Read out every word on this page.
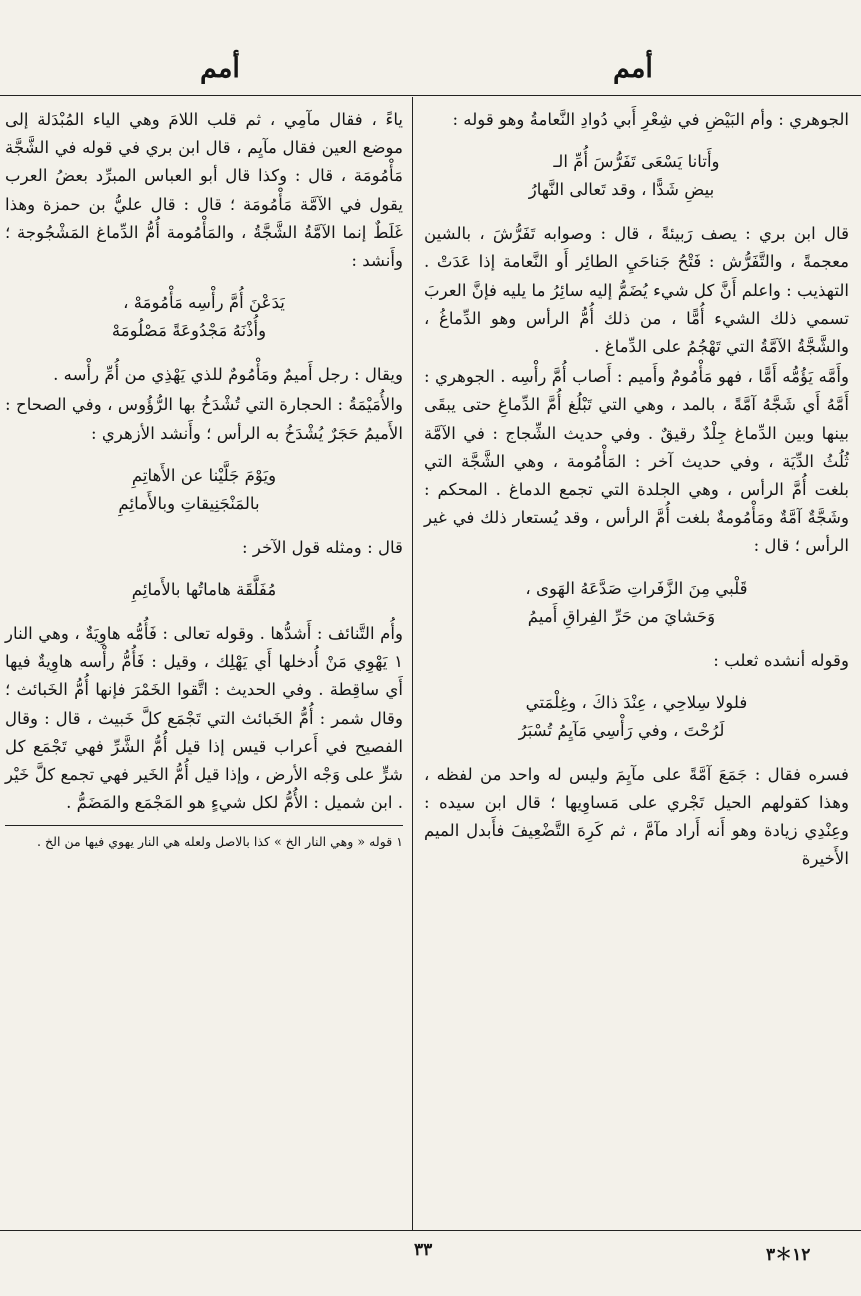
أمم
أمم

الجوهري : وأم البَيْضِ في شِعْرِ أَبي دُوادِ النَّعامةُ وهو قوله :

وأَتانا يَسْعَى تَفَرُّسَ أُمِّ الـ
بيضِ شَدًّا ، وقد تَعالى النَّهارُ

قال ابن بري : يصف رَبيئةً ، قال : وصوابه تَفَرُّشَ ، بالشين معجمةً ، والتَّفَرُّش : فَتْحُ جَناحَيِ الطائِر أَو النَّعامة إذا عَدَتْ . التهذيب : واعلم أَنَّ كل شيء يُضَمُّ إليه سائِرُ ما يليه فإنَّ العربَ تسمي ذلك الشيء أُمًّا ، من ذلك أُمُّ الرأس وهو الدِّماغُ ، والشَّجَّةُ الآمَّةُ التي تَهْجُمُ على الدِّماغ .

وأَمَّه يَؤُمُّه أَمًّا ، فهو مَأْمُومٌ وأَميم : أَصاب أُمَّ رأْسِه . الجوهري : أَمَّهُ أَي شَجَّهُ آمَّةً ، بالمد ، وهي التي تَبْلُغ أُمَّ الدِّماغِ حتى يبقَى بينها وبين الدِّماغ جِلْدٌ رقيقٌ . وفي حديث الشِّجاج : في الآمَّة ثُلُثُ الدِّيَة ، وفي حديث آخر : المَأْمُومة ، وهي الشَّجَّة التي بلغت أُمَّ الرأس ، وهي الجلدة التي تجمع الدماغ . المحكم : وشَجَّةٌ آمَّةٌ ومَأْمُومةٌ بلغت أُمَّ الرأس ، وقد يُستعار ذلك في غير الرأس ؛ قال :

قَلْبي مِنَ الزَّفَراتِ صَدَّعَهُ الهَوى ،
وَحَشايَ من حَرِّ الفِراقِ أَميمُ

وقوله أنشده ثعلب :

فلولا سِلاحِي ، عِنْدَ ذاكَ ، وغِلْمَتي
لَرُحْتَ ، وفي رَأْسِي مَآيِمُ تُسْبَرُ

فسره فقال : جَمَعَ آمَّةً على مآيِمَ وليس له واحد من لفظه ، وهذا كقولهم الحيل تَجْري على مَساوِيها ؛ قال ابن سيده : وعِنْدِي زيادة وهو أَنه أَراد مآمَّ ، ثم كَرِهَ التَّضْعِيفَ فأَبدل الميم الأَخيرة

ياءً ، فقال مآمِي ، ثم قلب اللامَ وهي الياء المُبْدَلة إلى موضع العين فقال مآيِم ، قال ابن بري في قوله في الشَّجَّة مَأْمُومَة ، قال : وكذا قال أبو العباس المبرِّد بعضُ العرب يقول في الآمَّة مَأْمُومَة ؛ قال : قال عليُّ بن حمزة وهذا غَلَطٌ إنما الآمَّةُ الشَّجَّةُ ، والمَأْمُومة أُمُّ الدِّماغ المَشْجُوجة ؛ وأَنشد :

يَدَعْنَ أُمَّ رأْسِه مَأْمُومَهْ ،
وأُذْنَهُ مَجْدُوعَةً مَصْلُومَهْ

ويقال : رجل أَميمٌ ومَأْمُومٌ للذي يَهْذِي من أُمِّ رأْسه .

والأُمَيْمَةُ : الحجارة التي تُشْدَخُ بها الرُّؤُوس ، وفي الصحاح : الأَميمُ حَجَرٌ يُشْدَخُ به الرأس ؛ وأَنشد الأزهري :

ويَوْمَ جَلَّيْنا عن الأَهاتِمِ
بالمَنْجَنِيقاتِ وبالأَمائِمِ

قال : ومثله قول الآخر :

مُفَلَّقَة هاماتُها بالأَمائِمِ

وأُم التَّنائف : أَشدُّها . وقوله تعالى : فَأُمُّه هاوِيَةٌ ، وهي النار ١ يَهْوِي مَنْ أُدخلها أَي يَهْلِك ، وقيل : فَأُمُّ رأْسه هاوِيةٌ فيها أَي ساقِطة . وفي الحديث : اتَّقوا الخَمْرَ فإنها أُمُّ الخَبائث ؛ وقال شمر : أُمُّ الخَبائث التي تَجْمَع كلَّ خَبيث ، قال : وقال الفصيح في أَعراب قيس إذا قيل أُمُّ الشَّرِّ فهي تَجْمَع كل شرٍّ على وَجْه الأرض ، وإذا قيل أُمُّ الخَير فهي تجمع كلَّ خَيْر . ابن شميل : الأُمُّ لكل شيءٍ هو المَجْمَع والمَضَمُّ .

١ قوله « وهي النار الخ » كذا بالاصل ولعله هي النار يهوي فيها من الخ .

٣٣	١٢＊٣
